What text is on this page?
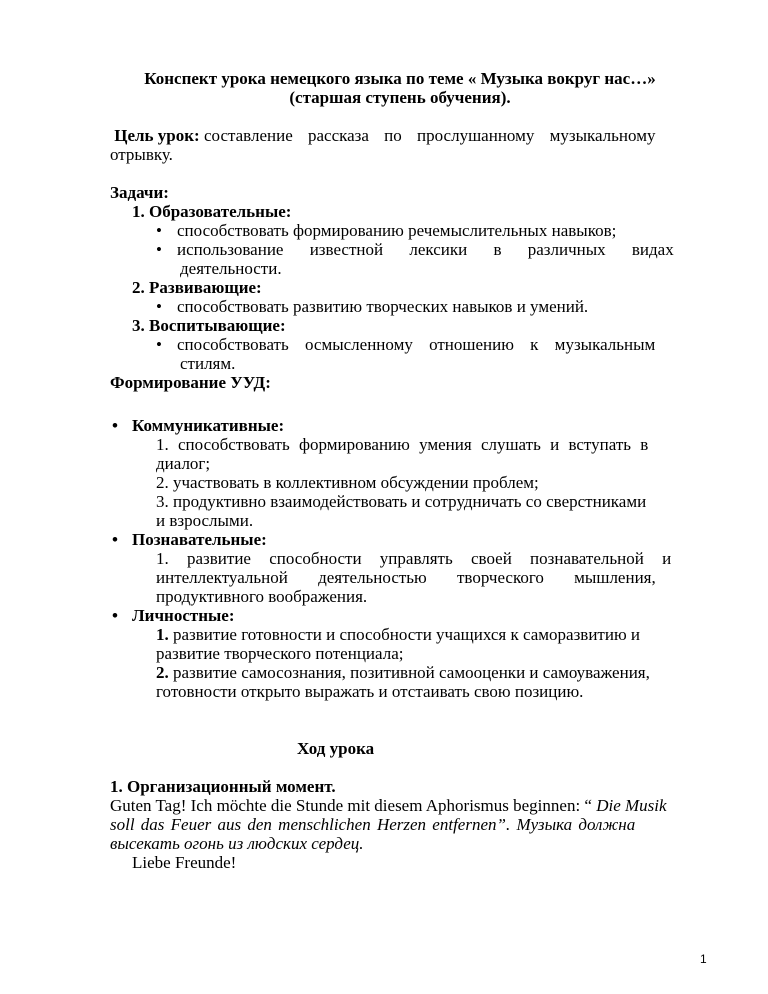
Конспект урока немецкого языка по теме « Музыка вокруг нас…»
(старшая ступень обучения).
Цель урок: составление рассказа по прослушанному музыкальному
отрывку.
Задачи:
1. Образовательные:
• способствовать формированию речемыслительных навыков;
• использование известной лексики в различных видах
деятельности.
2. Развивающие:
• способствовать развитию творческих навыков и умений.
3. Воспитывающие:
• способствовать осмысленному отношению к музыкальным
стилям.
Формирование УУД:
• Коммуникативные:
1. способствовать формированию умения слушать и вступать в
диалог;
2. участвовать в коллективном обсуждении проблем;
3. продуктивно взаимодействовать и сотрудничать со сверстниками
и взрослыми.
• Познавательные:
1. развитие способности управлять своей познавательной и
интеллектуальной деятельностью творческого мышления,
продуктивного воображения.
• Личностные:
1. развитие готовности и способности учащихся к саморазвитию и
развитие творческого потенциала;
2. развитие самосознания, позитивной самооценки и самоуважения,
готовности открыто выражать и отстаивать свою позицию.
Ход урока
1. Организационный момент.
Guten Tag! Ich möchte die Stunde mit diesem Aphorismus beginnen: “ Die Musik
soll das Feuer aus den menschlichen Herzen entfernen”. Музыка должна
высекать огонь из людских сердец.
Liebe Freunde!
1
